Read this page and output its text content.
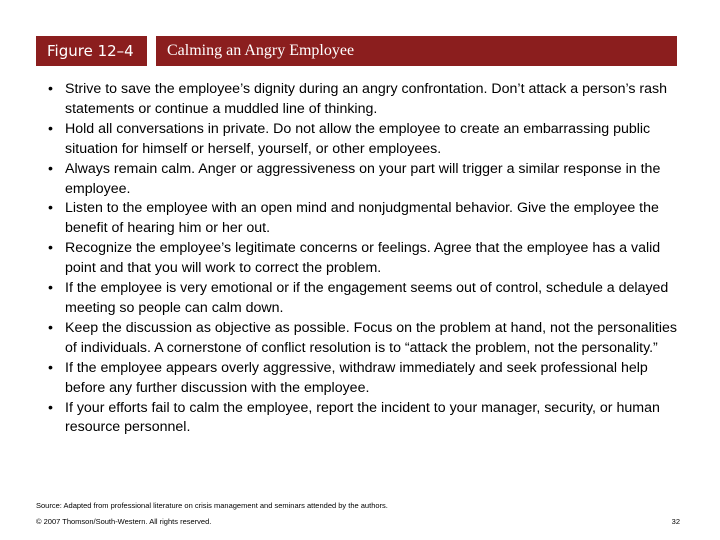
Figure 12–4	Calming an Angry Employee
• Strive to save the employee’s dignity during an angry confrontation. Don’t attack a person’s rash statements or continue a muddled line of thinking.
• Hold all conversations in private. Do not allow the employee to create an embarrassing public situation for himself or herself, yourself, or other employees.
• Always remain calm. Anger or aggressiveness on your part will trigger a similar response in the employee.
• Listen to the employee with an open mind and nonjudgmental behavior. Give the employee the benefit of hearing him or her out.
• Recognize the employee’s legitimate concerns or feelings. Agree that the employee has a valid point and that you will work to correct the problem.
• If the employee is very emotional or if the engagement seems out of control, schedule a delayed meeting so people can calm down.
• Keep the discussion as objective as possible. Focus on the problem at hand, not the personalities of individuals. A cornerstone of conflict resolution is to “attack the problem, not the personality.”
• If the employee appears overly aggressive, withdraw immediately and seek professional help before any further discussion with the employee.
• If your efforts fail to calm the employee, report the incident to your manager, security, or human resource personnel.
Source: Adapted from professional literature on crisis management and seminars attended by the authors.
© 2007 Thomson/South-Western. All rights reserved.	32
